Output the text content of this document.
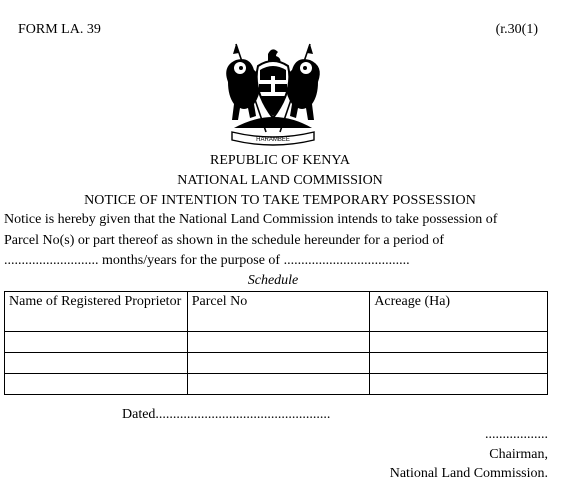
FORM LA. 39	(r.30(1)
HARAMBEE
REPUBLIC OF KENYA
NATIONAL LAND COMMISSION
NOTICE OF INTENTION TO TAKE TEMPORARY POSSESSION
Notice is hereby given that the National Land Commission intends to take possession of
Parcel No(s) or part thereof as shown in the schedule hereunder for a period of
........................... months/years for the purpose of ....................................
Schedule
Name of Registered Proprietor	Parcel No	Acreage (Ha)

Dated..................................................
..................
Chairman,
National Land Commission.
